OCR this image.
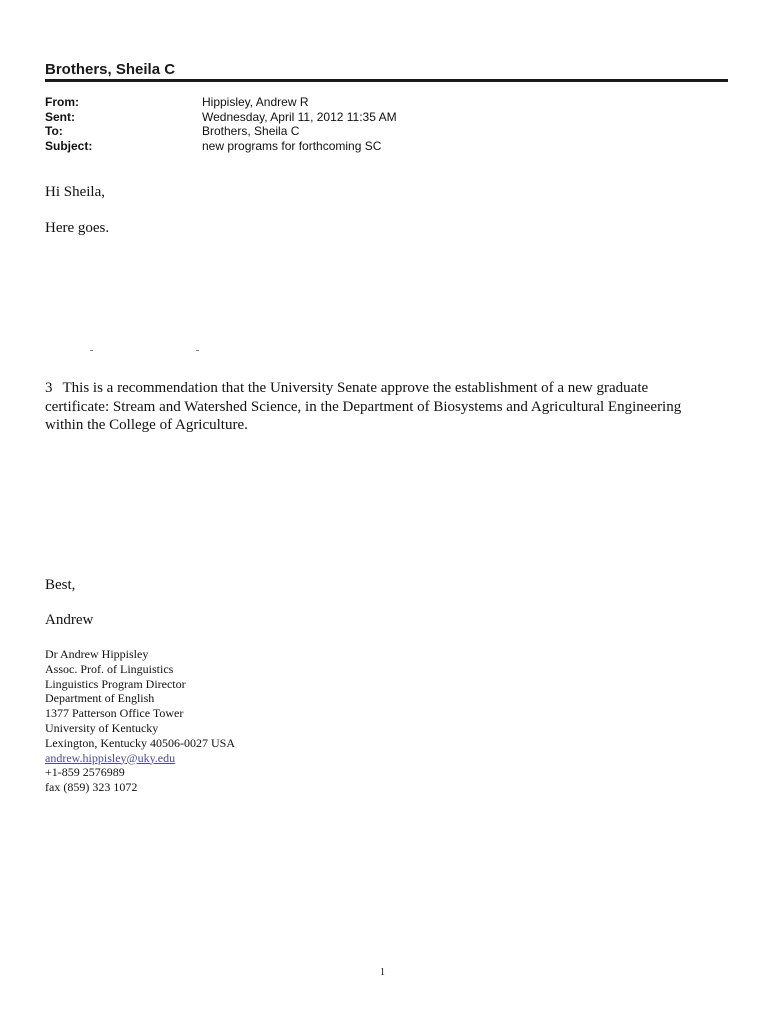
Brothers, Sheila C
From:	Hippisley, Andrew R
Sent:	Wednesday, April 11, 2012 11:35 AM
To:	Brothers, Sheila C
Subject:	new programs for forthcoming SC
Hi Sheila,
Here goes.
3 This is a recommendation that the University Senate approve the establishment of a new graduate certificate: Stream and Watershed Science, in the Department of Biosystems and Agricultural Engineering within the College of Agriculture.
Best,
Andrew
Dr Andrew Hippisley
Assoc. Prof. of Linguistics
Linguistics Program Director
Department of English
1377 Patterson Office Tower
University of Kentucky
Lexington, Kentucky 40506-0027 USA
andrew.hippisley@uky.edu
+1-859 2576989
fax (859) 323 1072
1
